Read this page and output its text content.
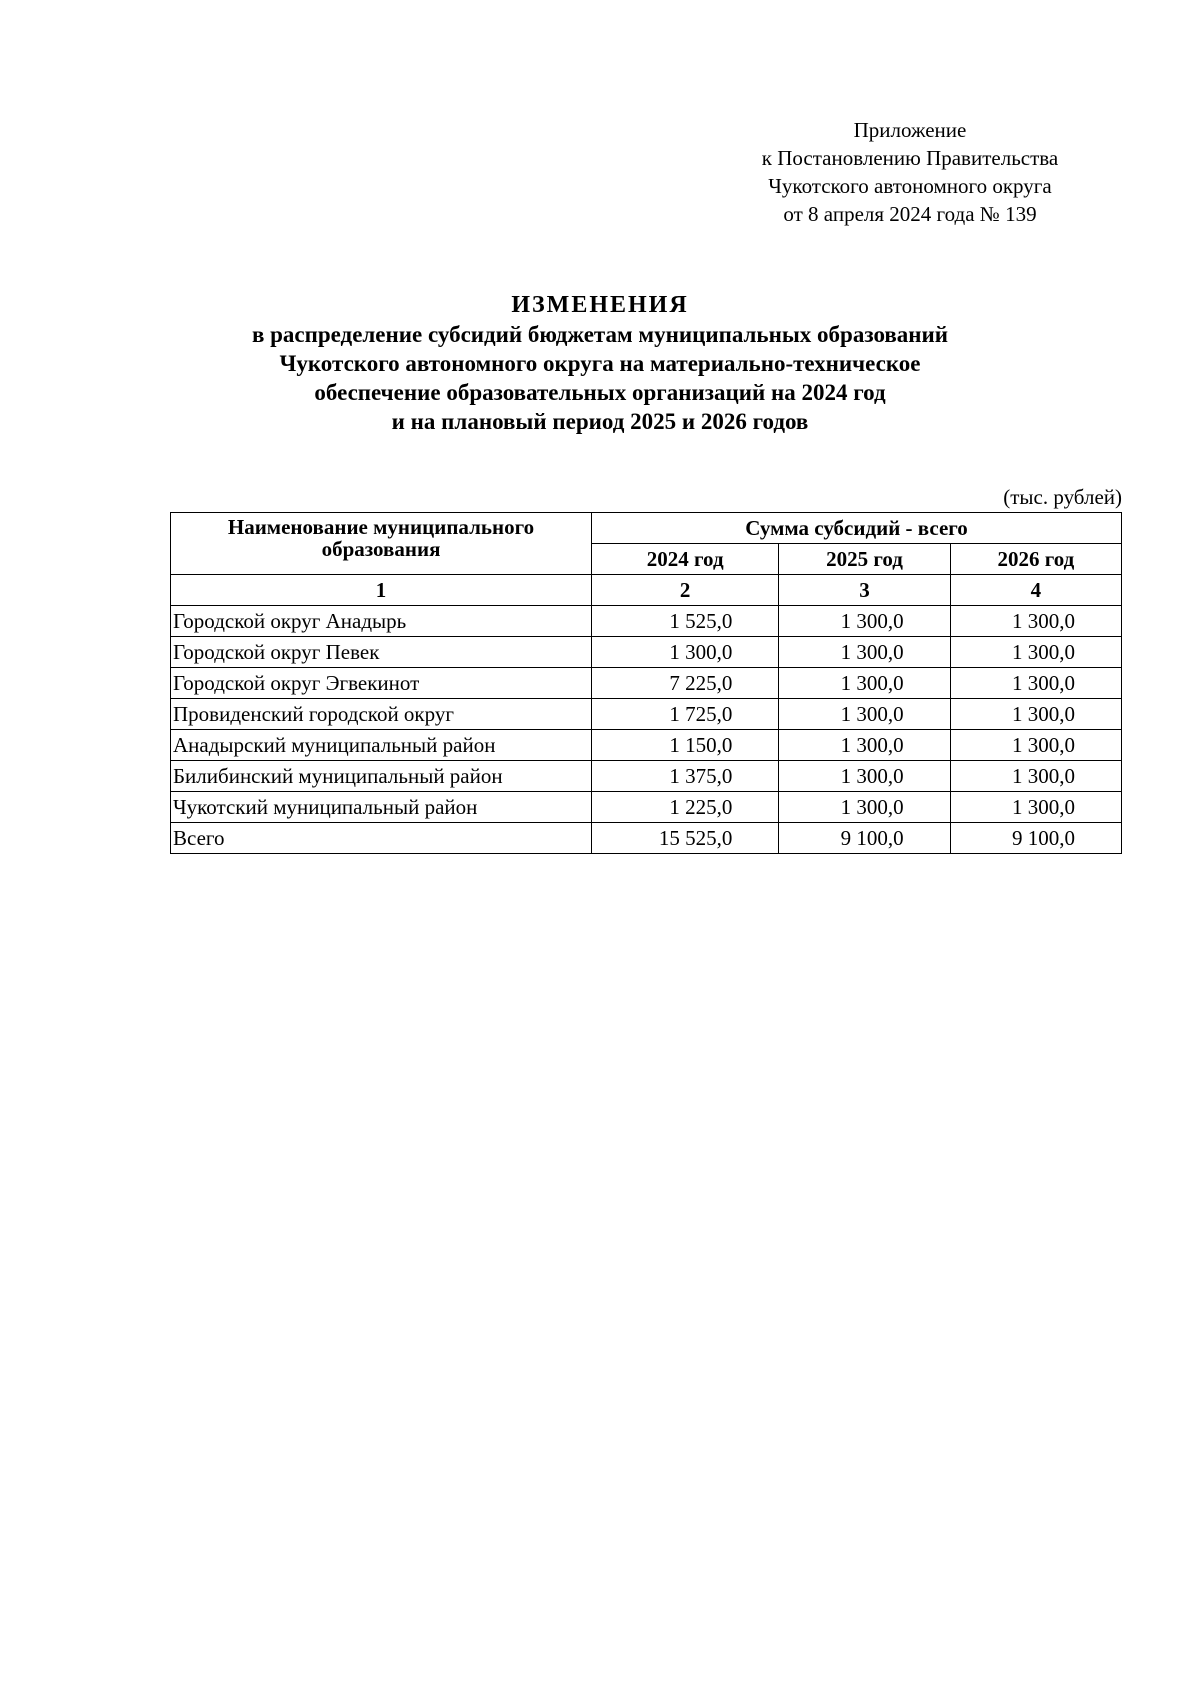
Приложение
к Постановлению Правительства
Чукотского автономного округа
от 8 апреля 2024 года № 139
ИЗМЕНЕНИЯ
в распределение субсидий бюджетам муниципальных образований
Чукотского автономного округа на материально-техническое
обеспечение образовательных организаций на 2024 год
и на плановый период 2025 и 2026 годов
(тыс. рублей)
Наименование муниципального образования	Сумма субсидий - всего		
	2024 год	2025 год	2026 год
1	2	3	4
Городской округ Анадырь	1 525,0	1 300,0	1 300,0
Городской округ Певек	1 300,0	1 300,0	1 300,0
Городской округ Эгвекинот	7 225,0	1 300,0	1 300,0
Провиденский городской округ	1 725,0	1 300,0	1 300,0
Анадырский муниципальный район	1 150,0	1 300,0	1 300,0
Билибинский муниципальный район	1 375,0	1 300,0	1 300,0
Чукотский муниципальный район	1 225,0	1 300,0	1 300,0
Всего	15 525,0	9 100,0	9 100,0
